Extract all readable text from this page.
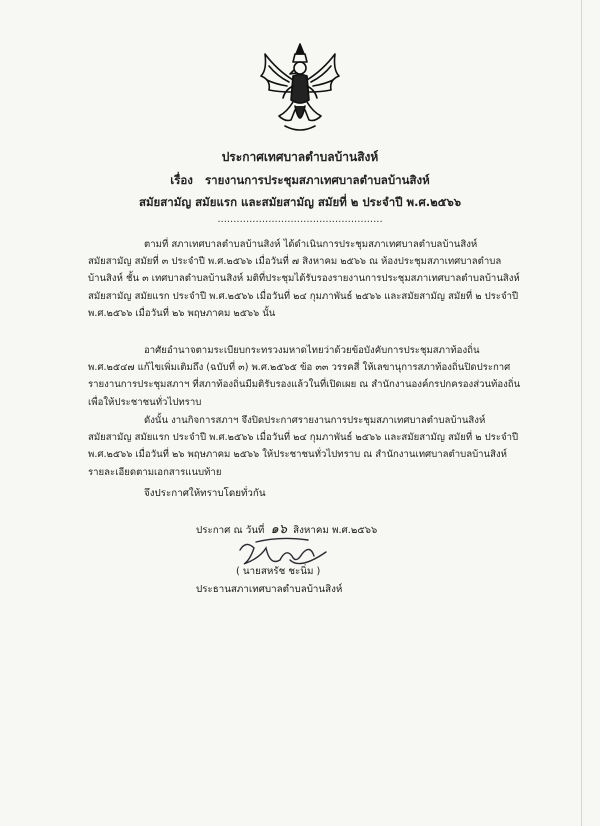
ประกาศเทศบาลตำบลบ้านสิงห์
เรื่อง รายงานการประชุมสภาเทศบาลตำบลบ้านสิงห์
สมัยสามัญ สมัยแรก และสมัยสามัญ สมัยที่ ๒ ประจำปี พ.ศ.๒๕๖๖
....................................................
ตามที่ สภาเทศบาลตำบลบ้านสิงห์ ได้ดำเนินการประชุมสภาเทศบาลตำบลบ้านสิงห์
สมัยสามัญ สมัยที่ ๓ ประจำปี พ.ศ.๒๕๖๖ เมื่อวันที่ ๗ สิงหาคม ๒๕๖๖ ณ ห้องประชุมสภาเทศบาลตำบล
บ้านสิงห์ ชั้น ๓ เทศบาลตำบลบ้านสิงห์ มติที่ประชุมได้รับรองรายงานการประชุมสภาเทศบาลตำบลบ้านสิงห์
สมัยสามัญ สมัยแรก ประจำปี พ.ศ.๒๕๖๖ เมื่อวันที่ ๒๔ กุมภาพันธ์ ๒๕๖๖ และสมัยสามัญ สมัยที่ ๒ ประจำปี
พ.ศ.๒๕๖๖ เมื่อวันที่ ๒๖ พฤษภาคม ๒๕๖๖ นั้น
อาศัยอำนาจตามระเบียบกระทรวงมหาดไทยว่าด้วยข้อบังคับการประชุมสภาท้องถิ่น
พ.ศ.๒๕๔๗ แก้ไขเพิ่มเติมถึง (ฉบับที่ ๓) พ.ศ.๒๕๖๕ ข้อ ๓๓ วรรคสี่ ให้เลขานุการสภาท้องถิ่นปิดประกาศ
รายงานการประชุมสภาฯ ที่สภาท้องถิ่นมีมติรับรองแล้วในที่เปิดเผย ณ สำนักงานองค์กรปกครองส่วนท้องถิ่น
เพื่อให้ประชาชนทั่วไปทราบ
ดังนั้น งานกิจการสภาฯ จึงปิดประกาศรายงานการประชุมสภาเทศบาลตำบลบ้านสิงห์
สมัยสามัญ สมัยแรก ประจำปี พ.ศ.๒๕๖๖ เมื่อวันที่ ๒๔ กุมภาพันธ์ ๒๕๖๖ และสมัยสามัญ สมัยที่ ๒ ประจำปี
พ.ศ.๒๕๖๖ เมื่อวันที่ ๒๖ พฤษภาคม ๒๕๖๖ ให้ประชาชนทั่วไปทราบ ณ สำนักงานเทศบาลตำบลบ้านสิงห์
รายละเอียดตามเอกสารแนบท้าย
จึงประกาศให้ทราบโดยทั่วกัน
ประกาศ ณ วันที่ ๑๖ สิงหาคม พ.ศ.๒๕๖๖
( นายสหรัช ชะนิ่ม )
ประธานสภาเทศบาลตำบลบ้านสิงห์
